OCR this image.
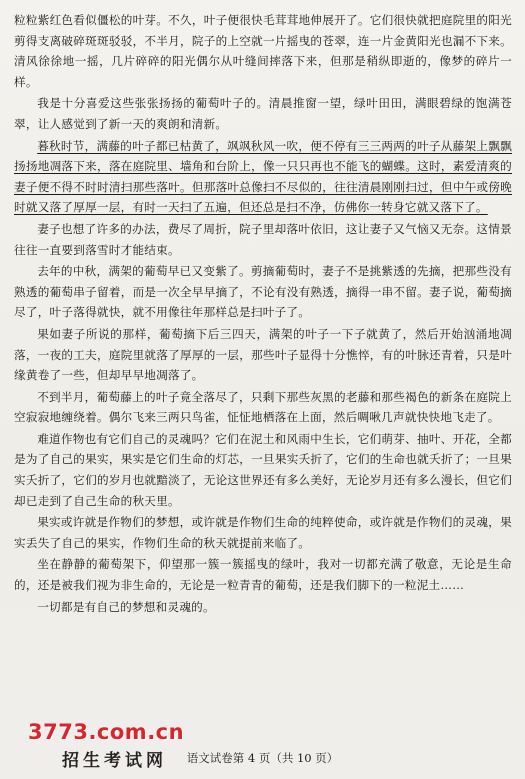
粒粒紫红色看似僵松的叶芽。不久，叶子便很快毛茸茸地伸展开了。它们很快就把庭院里的阳光剪得支离破碎斑斑驳驳，不半月，院子的上空就一片摇曳的苍翠，连一片金黄阳光也漏不下来。清风徐徐地一摇，几片碎碎的阳光偶尔从叶缝间摔落下来，但那是稍纵即逝的，像梦的碎片一样。

我是十分喜爱这些张张扬扬的葡萄叶子的。清晨推窗一望，绿叶田田，满眼碧绿的饱满苍翠，让人感觉到了新一天的爽朗和清新。

暮秋时节，满藤的叶子都已枯黄了，飒飒秋风一吹，便不停有三三两两的叶子从藤架上飘飘扬扬地凋落下来，落在庭院里、墙角和台阶上，像一只只再也不能飞的蝴蝶。这时，素爱清爽的妻子便不得不时时清扫那些落叶。但那落叶总像扫不尽似的，往往清晨刚刚扫过，但中午或傍晚时就又落了厚厚一层，有时一天扫了五遍，但还总是扫不净，仿佛你一转身它就又落下了。

妻子也想了许多的办法，费尽了周折，院子里却落叶依旧，这让妻子又气恼又无奈。这情景往往一直要到落雪时才能结束。

去年的中秋，满架的葡萄早已又变紫了。剪摘葡萄时，妻子不是挑紫透的先摘，把那些没有熟透的葡萄串子留着，而是一次全早早摘了，不论有没有熟透，摘得一串不留。妻子说，葡萄摘尽了，叶子落得就快，就不用像往年那样总是扫叶子了。

果如妻子所说的那样，葡萄摘下后三四天，满架的叶子一下子就黄了，然后开始汹涌地凋落，一夜的工夫，庭院里就落了厚厚的一层，那些叶子显得十分憔悴，有的叶脉还青着，只是叶缘黄卷了一些，但却早早地凋落了。

不到半月，葡萄藤上的叶子竟全落尽了，只剩下那些灰黑的老藤和那些褐色的新条在庭院上空寂寂地缠绕着。偶尔飞来三两只鸟雀，怔怔地栖落在上面，然后啁啾几声就快快地飞走了。

难道作物也有它们自己的灵魂吗？它们在泥土和风雨中生长，它们萌芽、抽叶、开花，全都是为了自己的果实，果实是它们生命的灯芯，一旦果实夭折了，它们的生命也就夭折了；一旦果实夭折了，它们的岁月也就黯淡了，无论这世界还有多么美好，无论岁月还有多么漫长，但它们却已走到了自己生命的秋天里。

果实或许就是作物们的梦想，或许就是作物们生命的纯粹使命，或许就是作物们的灵魂，果实丢失了自己的果实，作物们生命的秋天就提前来临了。

坐在静静的葡萄架下，仰望那一簇一簇摇曳的绿叶，我对一切都充满了敬意，无论是生命的，还是被我们视为非生命的，无论是一粒青青的葡萄，还是我们脚下的一粒泥土……

一切都是有自己的梦想和灵魂的。

3773.com.cn
招生考试网	语文试卷第 4 页（共 10 页）
